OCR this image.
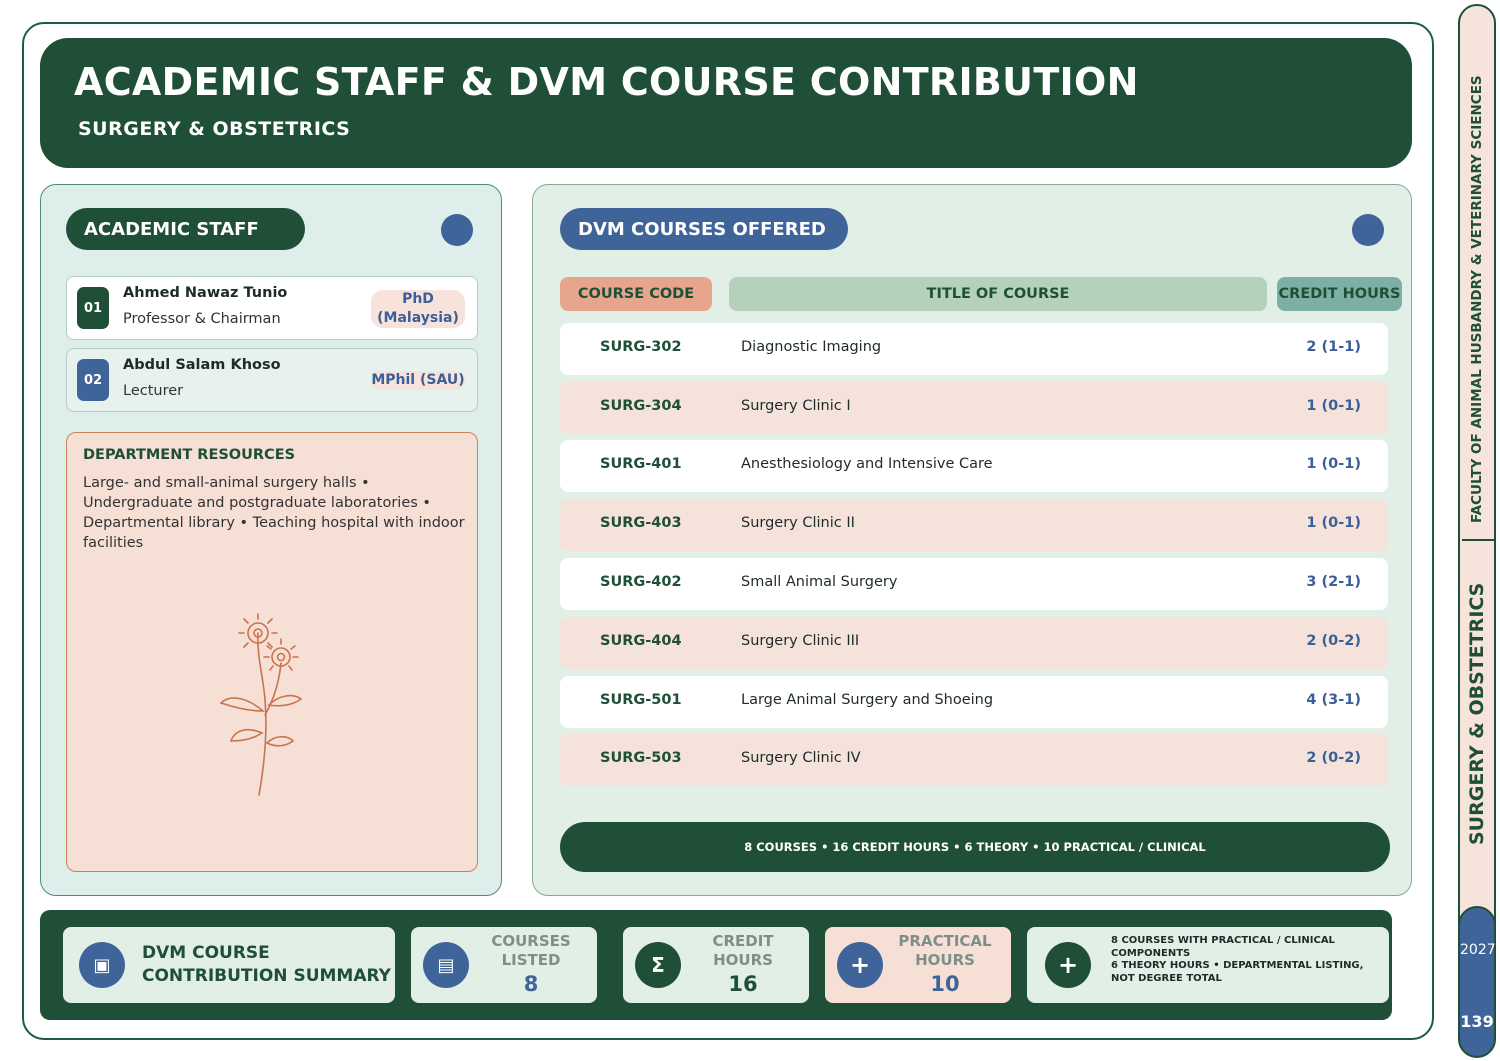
ACADEMIC STAFF & DVM COURSE CONTRIBUTION
SURGERY & OBSTETRICS
ACADEMIC STAFF
01
Ahmed Nawaz Tunio
Professor & Chairman
PhD
(Malaysia)
02
Abdul Salam Khoso
Lecturer
MPhil (SAU)
DEPARTMENT RESOURCES

Large- and small-animal surgery halls • Undergraduate and postgraduate laboratories • Departmental library • Teaching hospital with indoor facilities

DVM COURSES OFFERED
COURSE CODE	TITLE OF COURSE	CREDIT HOURS
SURG-302	Diagnostic Imaging	2 (1-1)
SURG-304	Surgery Clinic I	1 (0-1)
SURG-401	Anesthesiology and Intensive Care	1 (0-1)
SURG-403	Surgery Clinic II	1 (0-1)
SURG-402	Small Animal Surgery	3 (2-1)
SURG-404	Surgery Clinic III	2 (0-2)
SURG-501	Large Animal Surgery and Shoeing	4 (3-1)
SURG-503	Surgery Clinic IV	2 (0-2)
8 COURSES • 16 CREDIT HOURS • 6 THEORY • 10 PRACTICAL / CLINICAL
▣
DVM COURSE
CONTRIBUTION SUMMARY
▤
COURSES
LISTED
8
Σ
CREDIT
HOURS
16
+
PRACTICAL
HOURS
10
+
8 COURSES WITH PRACTICAL / CLINICAL COMPONENTS
6 THEORY HOURS • DEPARTMENTAL LISTING, NOT DEGREE TOTAL
FACULTY OF ANIMAL HUSBANDRY & VETERINARY SCIENCES
SURGERY & OBSTETRICS
2027
139
